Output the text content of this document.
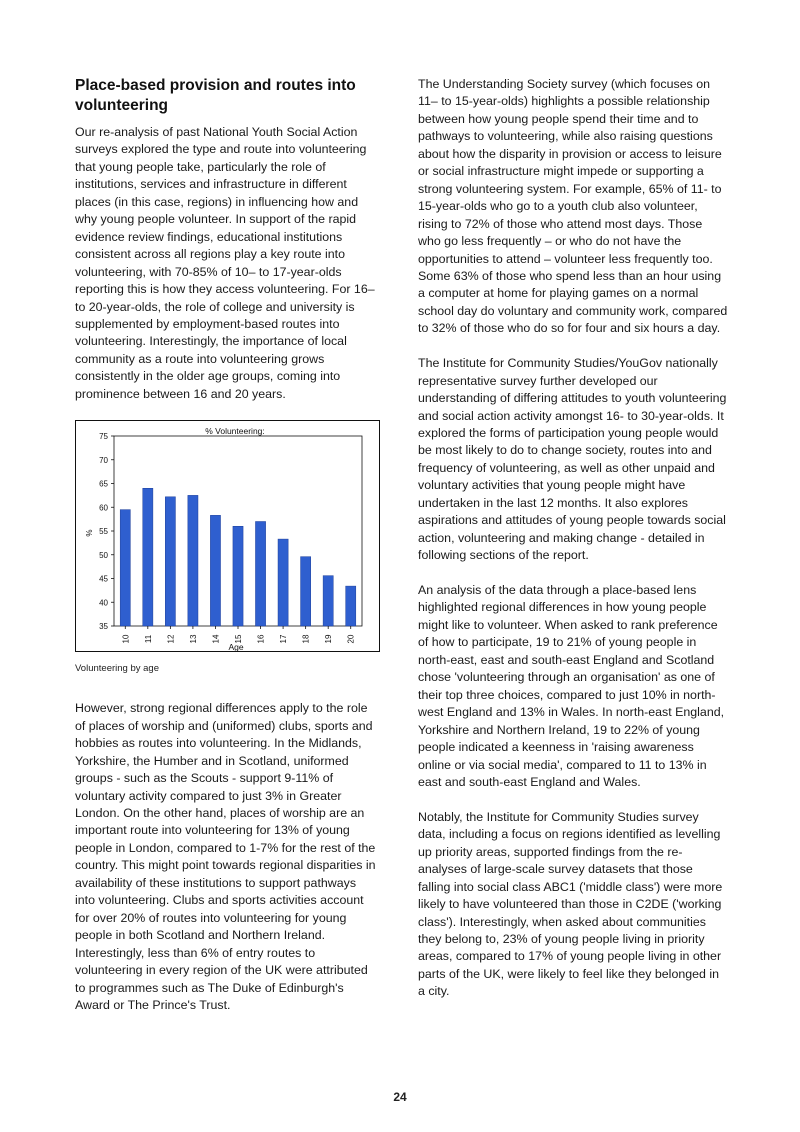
Place-based provision and routes into volunteering

Our re-analysis of past National Youth Social Action surveys explored the type and route into volunteering that young people take, particularly the role of institutions, services and infrastructure in different places (in this case, regions) in influencing how and why young people volunteer. In support of the rapid evidence review findings, educational institutions consistent across all regions play a key route into volunteering, with 70-85% of 10– to 17-year-olds reporting this is how they access volunteering. For 16– to 20-year-olds, the role of college and university is supplemented by employment-based routes into volunteering. Interestingly, the importance of local community as a route into volunteering grows consistently in the older age groups, coming into prominence between 16 and 20 years.

% Volunteering:
%
Age
35
40
45
50
55
60
65
70
75
10 11 12 13 14 15 16 17 18 19 20
Volunteering by age

However, strong regional differences apply to the role of places of worship and (uniformed) clubs, sports and hobbies as routes into volunteering. In the Midlands, Yorkshire, the Humber and in Scotland, uniformed groups - such as the Scouts - support 9-11% of voluntary activity compared to just 3% in Greater London. On the other hand, places of worship are an important route into volunteering for 13% of young people in London, compared to 1-7% for the rest of the country. This might point towards regional disparities in availability of these institutions to support pathways into volunteering. Clubs and sports activities account for over 20% of routes into volunteering for young people in both Scotland and Northern Ireland. Interestingly, less than 6% of entry routes to volunteering in every region of the UK were attributed to programmes such as The Duke of Edinburgh's Award or The Prince's Trust.

The Understanding Society survey (which focuses on 11– to 15-year-olds) highlights a possible relationship between how young people spend their time and to pathways to volunteering, while also raising questions about how the disparity in provision or access to leisure or social infrastructure might impede or supporting a strong volunteering system. For example, 65% of 11- to 15-year-olds who go to a youth club also volunteer, rising to 72% of those who attend most days. Those who go less frequently – or who do not have the opportunities to attend – volunteer less frequently too. Some 63% of those who spend less than an hour using a computer at home for playing games on a normal school day do voluntary and community work, compared to 32% of those who do so for four and six hours a day.

The Institute for Community Studies/YouGov nationally representative survey further developed our understanding of differing attitudes to youth volunteering and social action activity amongst 16- to 30-year-olds. It explored the forms of participation young people would be most likely to do to change society, routes into and frequency of volunteering, as well as other unpaid and voluntary activities that young people might have undertaken in the last 12 months. It also explores aspirations and attitudes of young people towards social action, volunteering and making change - detailed in following sections of the report.

An analysis of the data through a place-based lens highlighted regional differences in how young people might like to volunteer. When asked to rank preference of how to participate, 19 to 21% of young people in north-east, east and south-east England and Scotland chose 'volunteering through an organisation' as one of their top three choices, compared to just 10% in north-west England and 13% in Wales. In north-east England, Yorkshire and Northern Ireland, 19 to 22% of young people indicated a keenness in 'raising awareness online or via social media', compared to 11 to 13% in east and south-east England and Wales.

Notably, the Institute for Community Studies survey data, including a focus on regions identified as levelling up priority areas, supported findings from the re-analyses of large-scale survey datasets that those falling into social class ABC1 ('middle class') were more likely to have volunteered than those in C2DE ('working class'). Interestingly, when asked about communities they belong to, 23% of young people living in priority areas, compared to 17% of young people living in other parts of the UK, were likely to feel like they belonged in a city.

24
